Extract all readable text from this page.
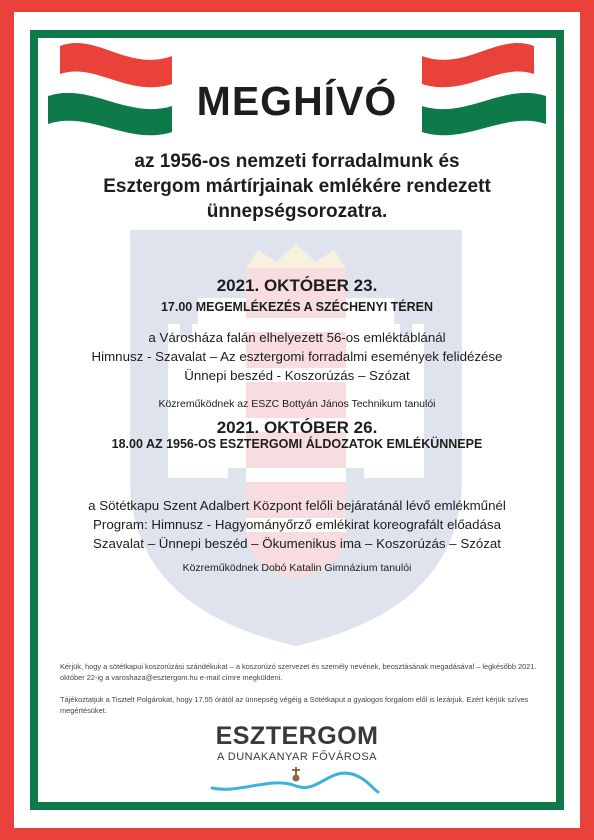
MEGHÍVÓ
az 1956-os nemzeti forradalmunk és
Esztergom mártírjainak emlékére rendezett
ünnepségsorozatra.
2021. OKTÓBER 23.
17.00 MEGEMLÉKEZÉS A SZÉCHENYI TÉREN
a Városháza falán elhelyezett 56-os emléktáblánál
Himnusz - Szavalat – Az esztergomi forradalmi események felidézése
Ünnepi beszéd - Koszorúzás – Szózat
Közreműködnek az ESZC Bottyán János Technikum tanulói
2021. OKTÓBER 26.
18.00 AZ 1956-OS ESZTERGOMI ÁLDOZATOK EMLÉKÜNNEPE
a Sötétkapu Szent Adalbert Központ felőli bejáratánál lévő emlékműnél
Program: Himnusz - Hagyományőrző emlékirat koreografált előadása
Szavalat – Ünnepi beszéd – Ökumenikus ima – Koszorúzás – Szózat
Közreműködnek Dobó Katalin Gimnázium tanulói
Kérjük, hogy a sötétkapui koszorúzási szándékukat – a koszorúzó szervezet és személy nevének, beosztásának megadásával – legkésőbb 2021. október 22-ig a varoshaza@esztergom.hu e-mail címre megküldeni.
Tájékoztatjuk a Tisztelt Polgárokat, hogy 17.55 órától az ünnepség végéig a Sötétkaput a gyalogos forgalom elől is lezárjuk. Ezért kérjük szíves megértésüket.
ESZTERGOM
A DUNAKANYAR FŐVÁROSA
